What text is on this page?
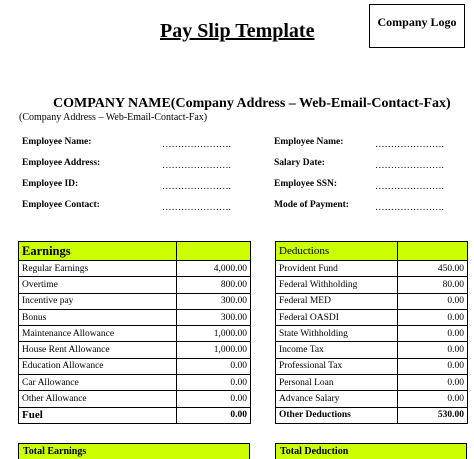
Pay Slip Template	Company Logo
COMPANY NAME(Company Address – Web-Email-Contact-Fax)
(Company Address – Web-Email-Contact-Fax)
Employee Name:	………………….
Employee Address:	………………….
Employee ID:	………………….
Employee Contact:	………………….
Employee Name:	………………….
Salary Date:	………………….
Employee SSN:	………………….
Mode of Payment:	………………….
Earnings	
Regular Earnings	4,000.00
Overtime	800.00
Incentive pay	300.00
Bonus	300.00
Maintenance Allowance	1,000.00
House Rent Allowance	1,000.00
Education Allowance	0.00
Car Allowance	0.00
Other Allowance	0.00
Fuel	0.00
Deductions	
Provident Fund	450.00
Federal Withholding	80.00
Federal MED	0.00
Federal OASDI	0.00
State Withholding	0.00
Income Tax	0.00
Professional Tax	0.00
Personal Loan	0.00
Advance Salary	0.00
Other Deductions	530.00
Total Earnings	Total Deduction
